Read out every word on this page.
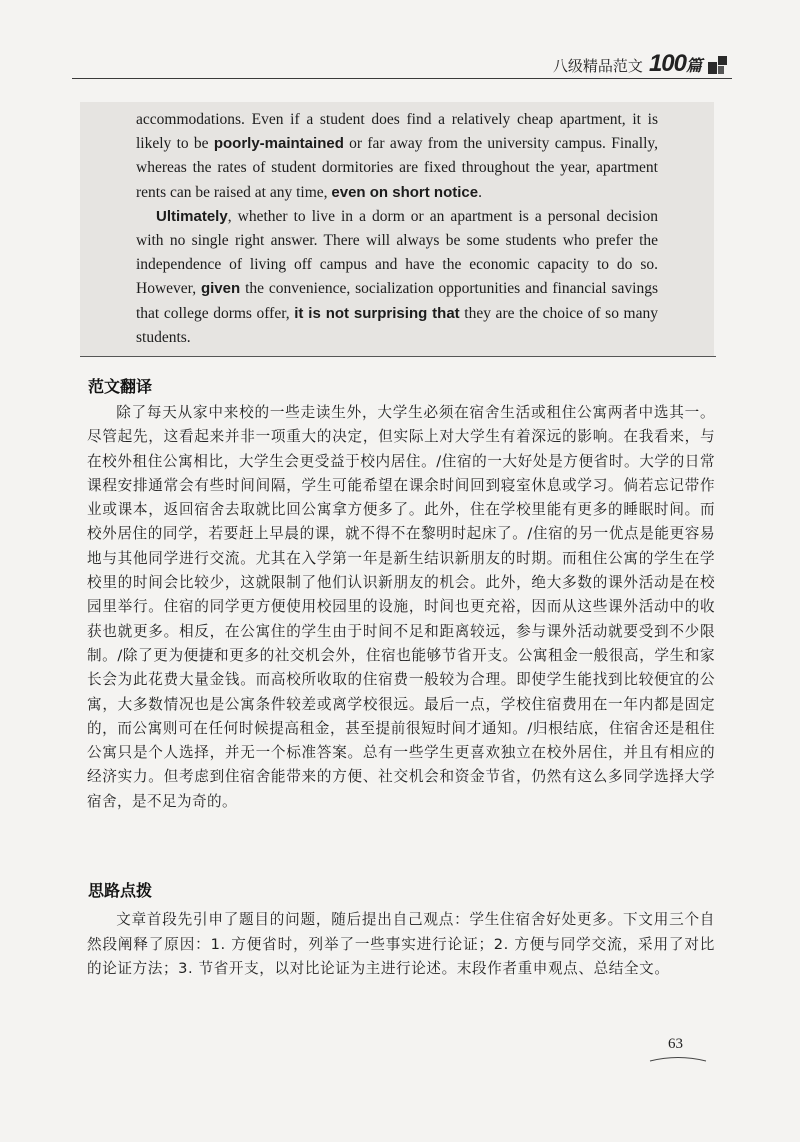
八级精品范文 100篇

accommodations. Even if a student does find a relatively cheap apartment, it is likely to be poorly-maintained or far away from the university campus. Finally, whereas the rates of student dormitories are fixed throughout the year, apartment rents can be raised at any time, even on short notice.

Ultimately, whether to live in a dorm or an apartment is a personal decision with no single right answer. There will always be some students who prefer the independence of living off campus and have the economic capacity to do so. However, given the convenience, socialization opportunities and financial savings that college dorms offer, it is not surprising that they are the choice of so many students.

范文翻译

除了每天从家中来校的一些走读生外，大学生必须在宿舍生活或租住公寓两者中选其一。尽管起先，这看起来并非一项重大的决定，但实际上对大学生有着深远的影响。在我看来，与在校外租住公寓相比，大学生会更受益于校内居住。/住宿的一大好处是方便省时。大学的日常课程安排通常会有些时间间隔，学生可能希望在课余时间回到寝室休息或学习。倘若忘记带作业或课本，返回宿舍去取就比回公寓拿方便多了。此外，住在学校里能有更多的睡眠时间。而校外居住的同学，若要赶上早晨的课，就不得不在黎明时起床了。/住宿的另一优点是能更容易地与其他同学进行交流。尤其在入学第一年是新生结识新朋友的时期。而租住公寓的学生在学校里的时间会比较少，这就限制了他们认识新朋友的机会。此外，绝大多数的课外活动是在校园里举行。住宿的同学更方便使用校园里的设施，时间也更充裕，因而从这些课外活动中的收获也就更多。相反，在公寓住的学生由于时间不足和距离较远，参与课外活动就要受到不少限制。/除了更为便捷和更多的社交机会外，住宿也能够节省开支。公寓租金一般很高，学生和家长会为此花费大量金钱。而高校所收取的住宿费一般较为合理。即使学生能找到比较便宜的公寓，大多数情况也是公寓条件较差或离学校很远。最后一点，学校住宿费用在一年内都是固定的，而公寓则可在任何时候提高租金，甚至提前很短时间才通知。/归根结底，住宿舍还是租住公寓只是个人选择，并无一个标准答案。总有一些学生更喜欢独立在校外居住，并且有相应的经济实力。但考虑到住宿舍能带来的方便、社交机会和资金节省，仍然有这么多同学选择大学宿舍，是不足为奇的。

思路点拨

文章首段先引申了题目的问题，随后提出自己观点：学生住宿舍好处更多。下文用三个自然段阐释了原因：1. 方便省时，列举了一些事实进行论证；2. 方便与同学交流，采用了对比的论证方法；3. 节省开支，以对比论证为主进行论述。末段作者重申观点、总结全文。

63
